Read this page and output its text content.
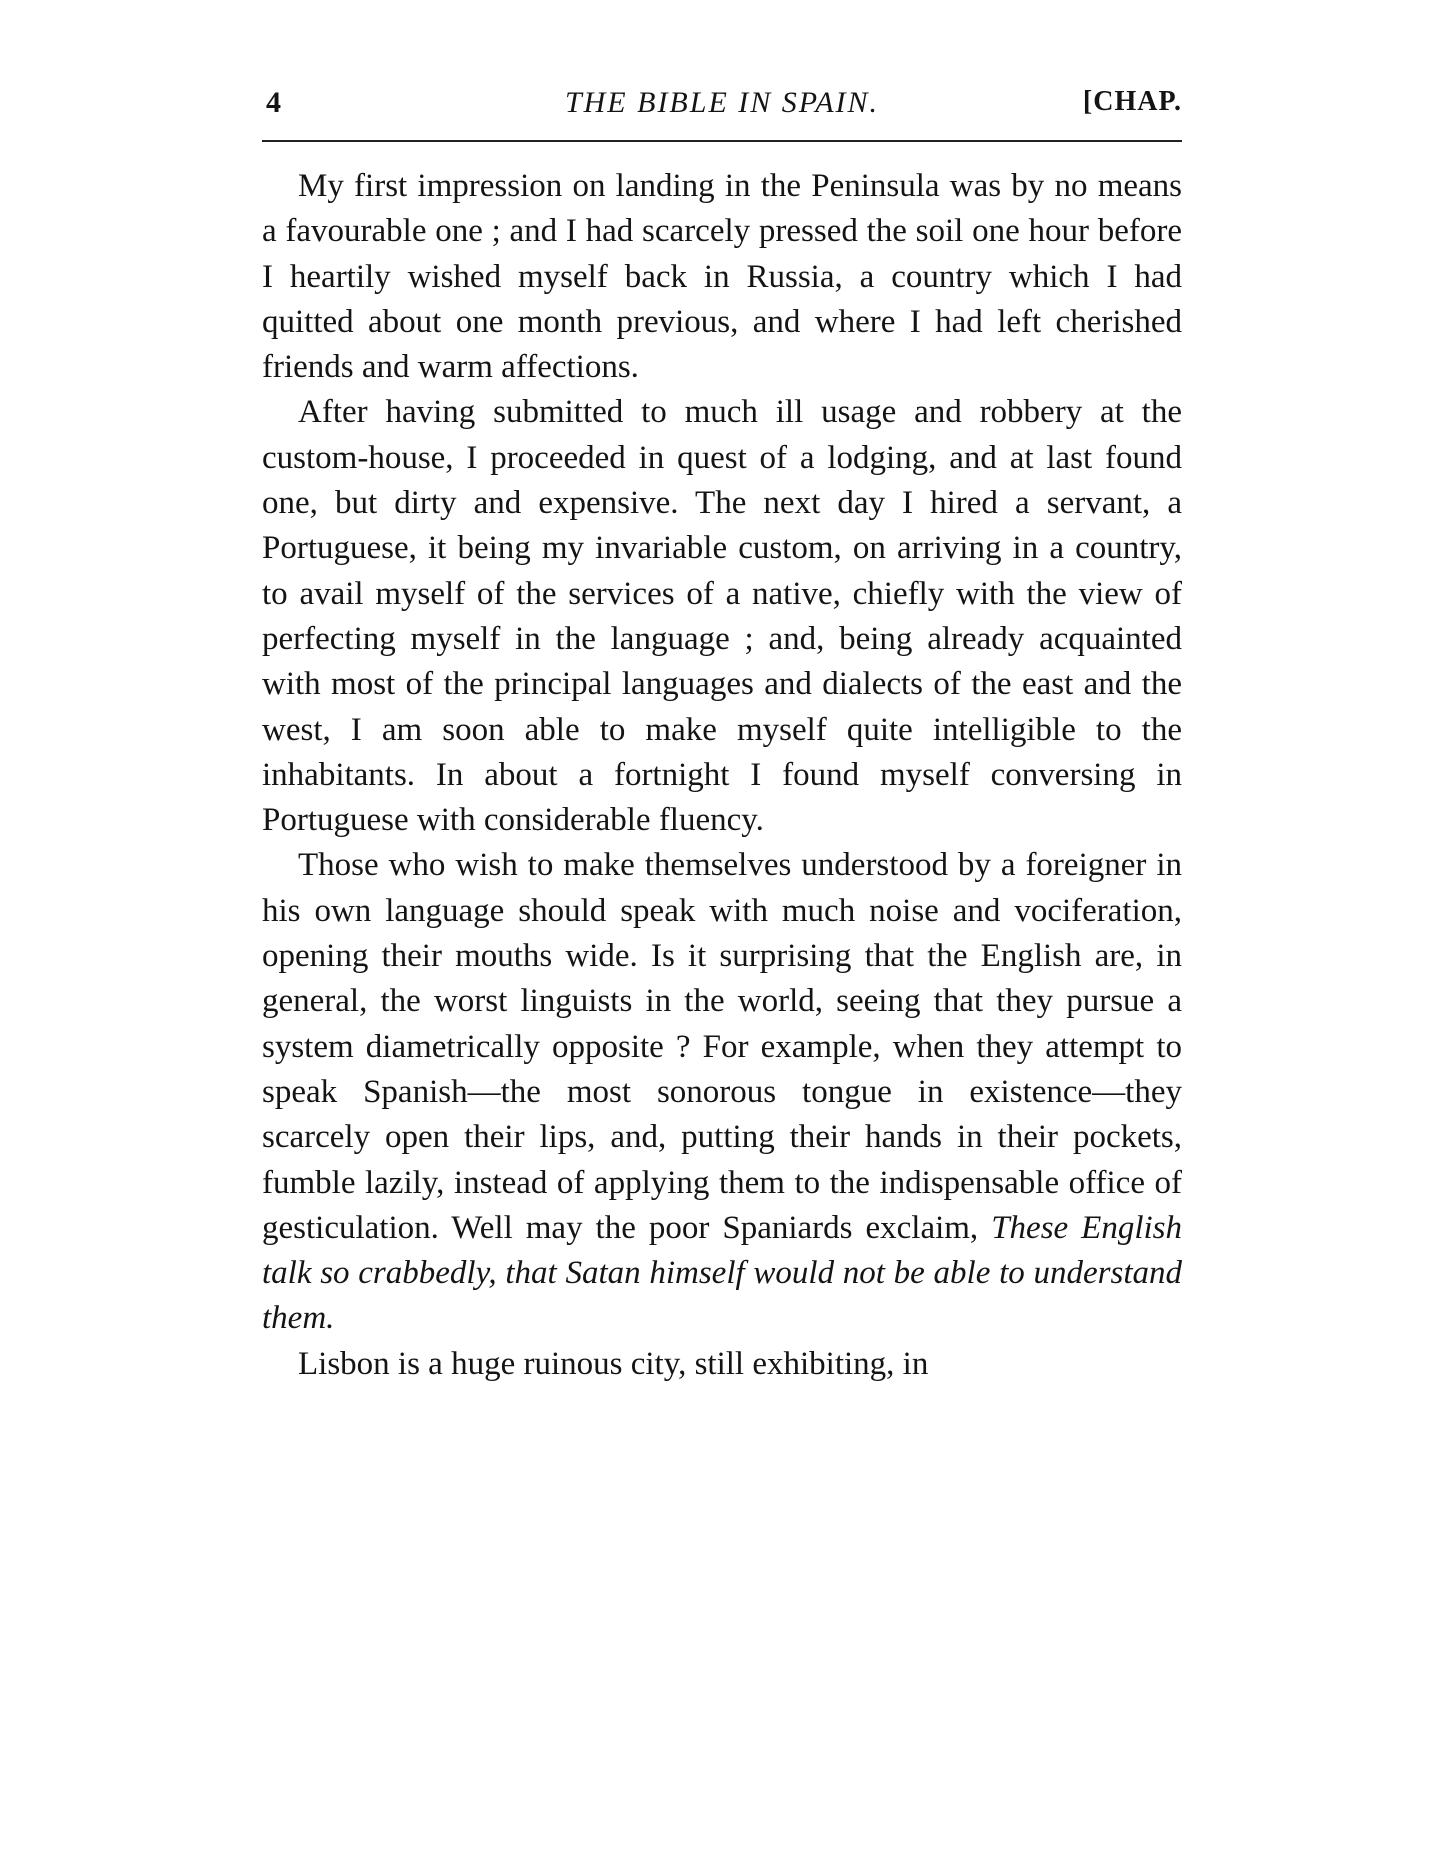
4	THE BIBLE IN SPAIN.	[CHAP.

My first impression on landing in the Peninsula was by no means a favourable one ; and I had scarcely pressed the soil one hour before I heartily wished myself back in Russia, a country which I had quitted about one month previous, and where I had left cherished friends and warm affections.

After having submitted to much ill usage and robbery at the custom-house, I proceeded in quest of a lodging, and at last found one, but dirty and expensive. The next day I hired a servant, a Portuguese, it being my invariable custom, on arriving in a country, to avail myself of the services of a native, chiefly with the view of perfecting myself in the language ; and, being already acquainted with most of the principal languages and dialects of the east and the west, I am soon able to make myself quite intelligible to the inhabitants. In about a fortnight I found myself conversing in Portuguese with considerable fluency.

Those who wish to make themselves understood by a foreigner in his own language should speak with much noise and vociferation, opening their mouths wide. Is it surprising that the English are, in general, the worst linguists in the world, seeing that they pursue a system diametrically opposite ? For example, when they attempt to speak Spanish—the most sonorous tongue in existence—they scarcely open their lips, and, putting their hands in their pockets, fumble lazily, instead of applying them to the indispensable office of gesticulation. Well may the poor Spaniards exclaim, These English talk so crabbedly, that Satan himself would not be able to understand them.

Lisbon is a huge ruinous city, still exhibiting, in
